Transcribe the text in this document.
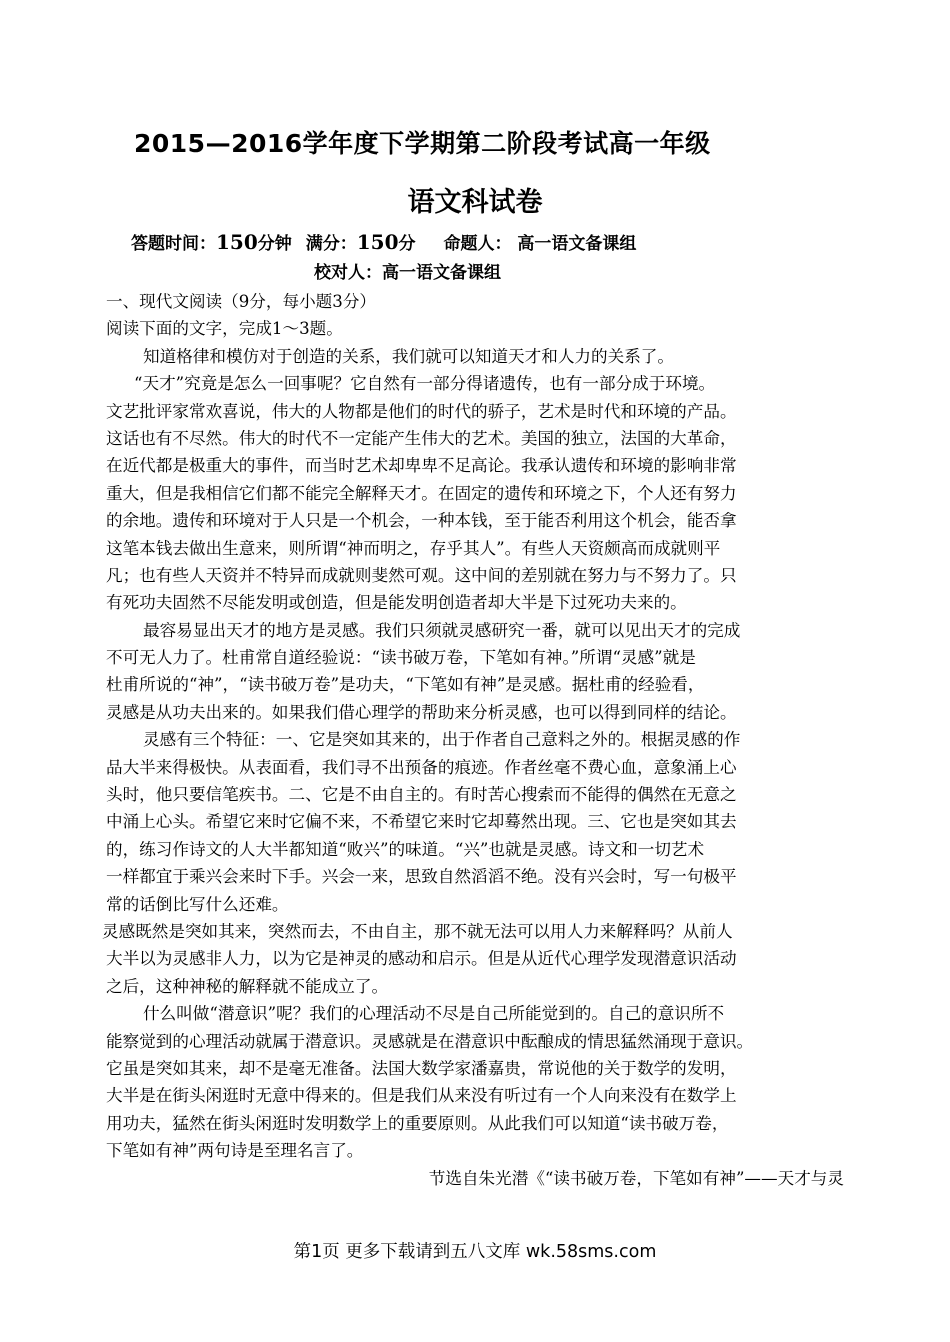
2015—2016学年度下学期第二阶段考试高一年级
语文科试卷
答题时间：150分钟 满分：150分 命题人： 高一语文备课组
校对人：高一语文备课组
一、现代文阅读（9分，每小题3分）
阅读下面的文字，完成1～3题。
知道格律和模仿对于创造的关系，我们就可以知道天才和人力的关系了。
“天才”究竟是怎么一回事呢？它自然有一部分得诸遗传，也有一部分成于环境。
文艺批评家常欢喜说，伟大的人物都是他们的时代的骄子，艺术是时代和环境的产品。
这话也有不尽然。伟大的时代不一定能产生伟大的艺术。美国的独立，法国的大革命，
在近代都是极重大的事件，而当时艺术却卑卑不足高论。我承认遗传和环境的影响非常
重大，但是我相信它们都不能完全解释天才。在固定的遗传和环境之下，个人还有努力
的余地。遗传和环境对于人只是一个机会，一种本钱，至于能否利用这个机会，能否拿
这笔本钱去做出生意来，则所谓“神而明之，存乎其人”。有些人天资颇高而成就则平
凡；也有些人天资并不特异而成就则斐然可观。这中间的差别就在努力与不努力了。只
有死功夫固然不尽能发明或创造，但是能发明创造者却大半是下过死功夫来的。
最容易显出天才的地方是灵感。我们只须就灵感研究一番，就可以见出天才的完成
不可无人力了。杜甫常自道经验说：“读书破万卷，下笔如有神。”所谓“灵感”就是
杜甫所说的“神”，“读书破万卷”是功夫，“下笔如有神”是灵感。据杜甫的经验看，
灵感是从功夫出来的。如果我们借心理学的帮助来分析灵感，也可以得到同样的结论。
灵感有三个特征：一、它是突如其来的，出于作者自己意料之外的。根据灵感的作
品大半来得极快。从表面看，我们寻不出预备的痕迹。作者丝毫不费心血，意象涌上心
头时，他只要信笔疾书。二、它是不由自主的。有时苦心搜索而不能得的偶然在无意之
中涌上心头。希望它来时它偏不来，不希望它来时它却蓦然出现。三、它也是突如其去
的，练习作诗文的人大半都知道“败兴”的味道。“兴”也就是灵感。诗文和一切艺术
一样都宜于乘兴会来时下手。兴会一来，思致自然滔滔不绝。没有兴会时，写一句极平
常的话倒比写什么还难。
灵感既然是突如其来，突然而去，不由自主，那不就无法可以用人力来解释吗？从前人
大半以为灵感非人力，以为它是神灵的感动和启示。但是从近代心理学发现潜意识活动
之后，这种神秘的解释就不能成立了。
什么叫做“潜意识”呢？我们的心理活动不尽是自己所能觉到的。自己的意识所不
能察觉到的心理活动就属于潜意识。灵感就是在潜意识中酝酿成的情思猛然涌现于意识。
它虽是突如其来，却不是毫无准备。法国大数学家潘嘉贵，常说他的关于数学的发明，
大半是在街头闲逛时无意中得来的。但是我们从来没有听过有一个人向来没有在数学上
用功夫，猛然在街头闲逛时发明数学上的重要原则。从此我们可以知道“读书破万卷，
下笔如有神”两句诗是至理名言了。
节选自朱光潜《“读书破万卷，下笔如有神”——天才与灵
第1页 更多下载请到五八文库 wk.58sms.com
